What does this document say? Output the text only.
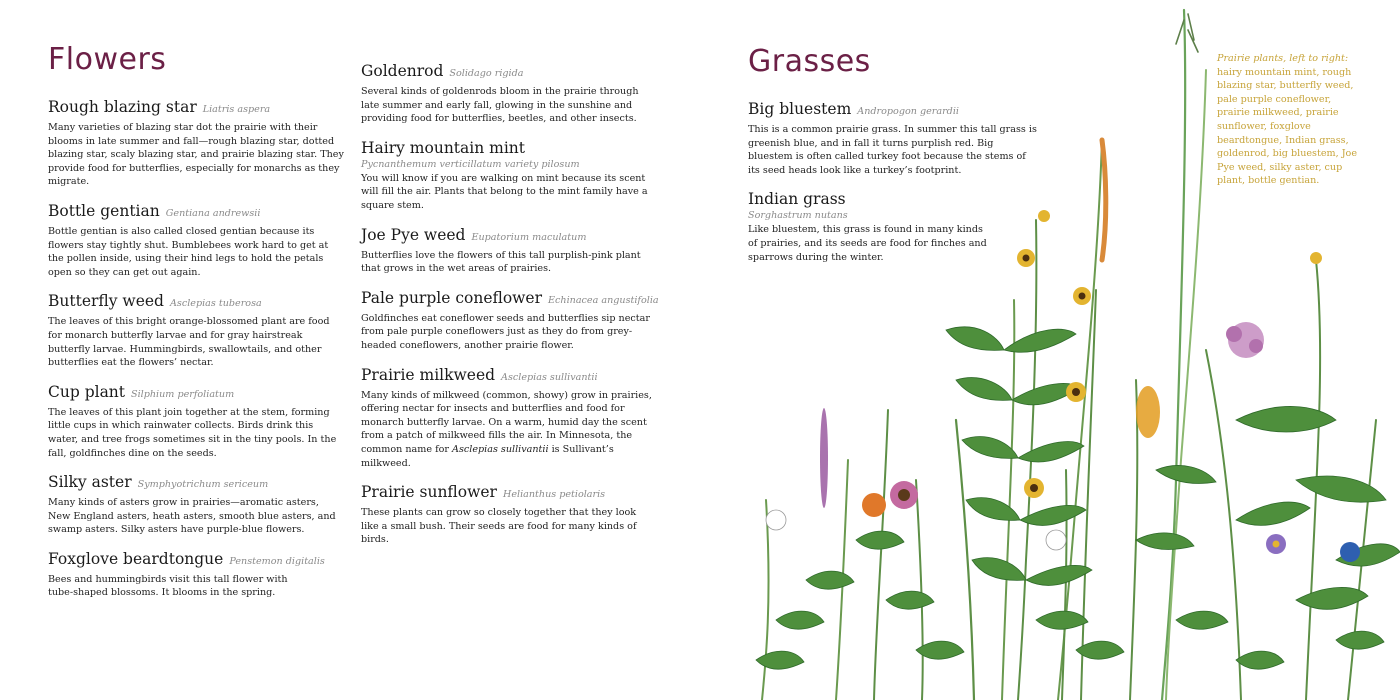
Flowers

Rough blazing star Liatris aspera

Many varieties of blazing star dot the prairie with their blooms in late summer and fall—rough blazing star, dotted blazing star, scaly blazing star, and prairie blazing star. They provide food for butterflies, especially for monarchs as they migrate.

Bottle gentian Gentiana andrewsii

Bottle gentian is also called closed gentian because its flowers stay tightly shut. Bumblebees work hard to get at the pollen inside, using their hind legs to hold the petals open so they can get out again.

Butterfly weed Asclepias tuberosa

The leaves of this bright orange-blossomed plant are food for monarch butterfly larvae and for gray hairstreak butterfly larvae. Hummingbirds, swallowtails, and other butterflies eat the flowers’ nectar.

Cup plant Silphium perfoliatum

The leaves of this plant join together at the stem, forming little cups in which rainwater collects. Birds drink this water, and tree frogs sometimes sit in the tiny pools. In the fall, goldfinches dine on the seeds.

Silky aster Symphyotrichum sericeum

Many kinds of asters grow in prairies—aromatic asters, New England asters, heath asters, smooth blue asters, and swamp asters. Silky asters have purple-blue flowers.

Foxglove beardtongue Penstemon digitalis

Bees and hummingbirds visit this tall flower with tube-shaped blossoms. It blooms in the spring.

Goldenrod Solidago rigida

Several kinds of goldenrods bloom in the prairie through late summer and early fall, glowing in the sunshine and providing food for butterflies, beetles, and other insects.

Hairy mountain mint

Pycnanthemum verticillatum variety pilosum

You will know if you are walking on mint because its scent will fill the air. Plants that belong to the mint family have a square stem.

Joe Pye weed Eupatorium maculatum

Butterflies love the flowers of this tall purplish-pink plant that grows in the wet areas of prairies.

Pale purple coneflower Echinacea angustifolia

Goldfinches eat coneflower seeds and butterflies sip nectar from pale purple coneflowers just as they do from grey-headed coneflowers, another prairie flower.

Prairie milkweed Asclepias sullivantii

Many kinds of milkweed (common, showy) grow in prairies, offering nectar for insects and butterflies and food for monarch butterfly larvae. On a warm, humid day the scent from a patch of milkweed fills the air. In Minnesota, the common name for Asclepias sullivantii is Sullivant’s milkweed.

Prairie sunflower Helianthus petiolaris

These plants can grow so closely together that they look like a small bush. Their seeds are food for many kinds of birds.

Grasses

Big bluestem Andropogon gerardii

This is a common prairie grass. In summer this tall grass is greenish blue, and in fall it turns purplish red. Big bluestem is often called turkey foot because the stems of its seed heads look like a turkey’s footprint.

Indian grass

Sorghastrum nutans

Like bluestem, this grass is found in many kinds of prairies, and its seeds are food for finches and sparrows during the winter.

Prairie plants, left to right: hairy mountain mint, rough blazing star, butterfly weed, pale purple coneflower, prairie milkweed, prairie sunflower, foxglove beardtongue, Indian grass, goldenrod, big bluestem, Joe Pye weed, silky aster, cup plant, bottle gentian.
